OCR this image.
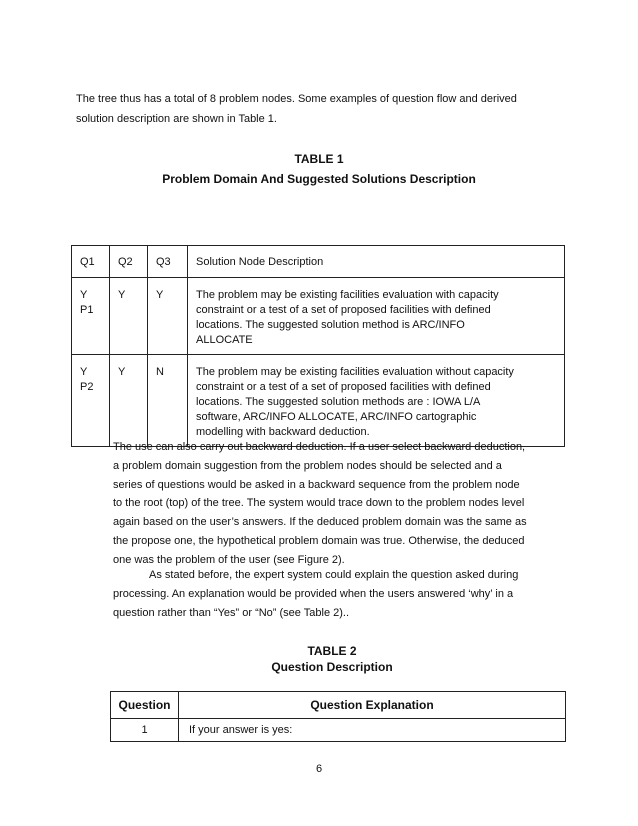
The tree thus has a total of 8 problem nodes. Some examples of question flow and derived
solution description are shown in Table 1.
TABLE 1
Problem Domain And Suggested Solutions Description
Q1	Q2	Q3	Solution Node Description

Y
P1	Y	Y	The problem may be existing facilities evaluation with capacity
constraint or a test of a set of proposed facilities with defined
locations. The suggested solution method is ARC/INFO
ALLOCATE

Y
P2	Y	N	The problem may be existing facilities evaluation without capacity
constraint or a test of a set of proposed facilities with defined
locations. The suggested solution methods are : IOWA L/A
software, ARC/INFO ALLOCATE, ARC/INFO cartographic
modelling with backward deduction.
The use can also carry out backward deduction. If a user select backward deduction,
a problem domain suggestion from the problem nodes should be selected and a
series of questions would be asked in a backward sequence from the problem node
to the root (top) of the tree. The system would trace down to the problem nodes level
again based on the user’s answers. If the deduced problem domain was the same as
the propose one, the hypothetical problem domain was true. Otherwise, the deduced
one was the problem of the user (see Figure 2).
As stated before, the expert system could explain the question asked during
processing. An explanation would be provided when the users answered ‘why’ in a
question rather than “Yes” or “No” (see Table 2)..
TABLE 2
Question Description
Question	Question Explanation
1	If your answer is yes:
6
